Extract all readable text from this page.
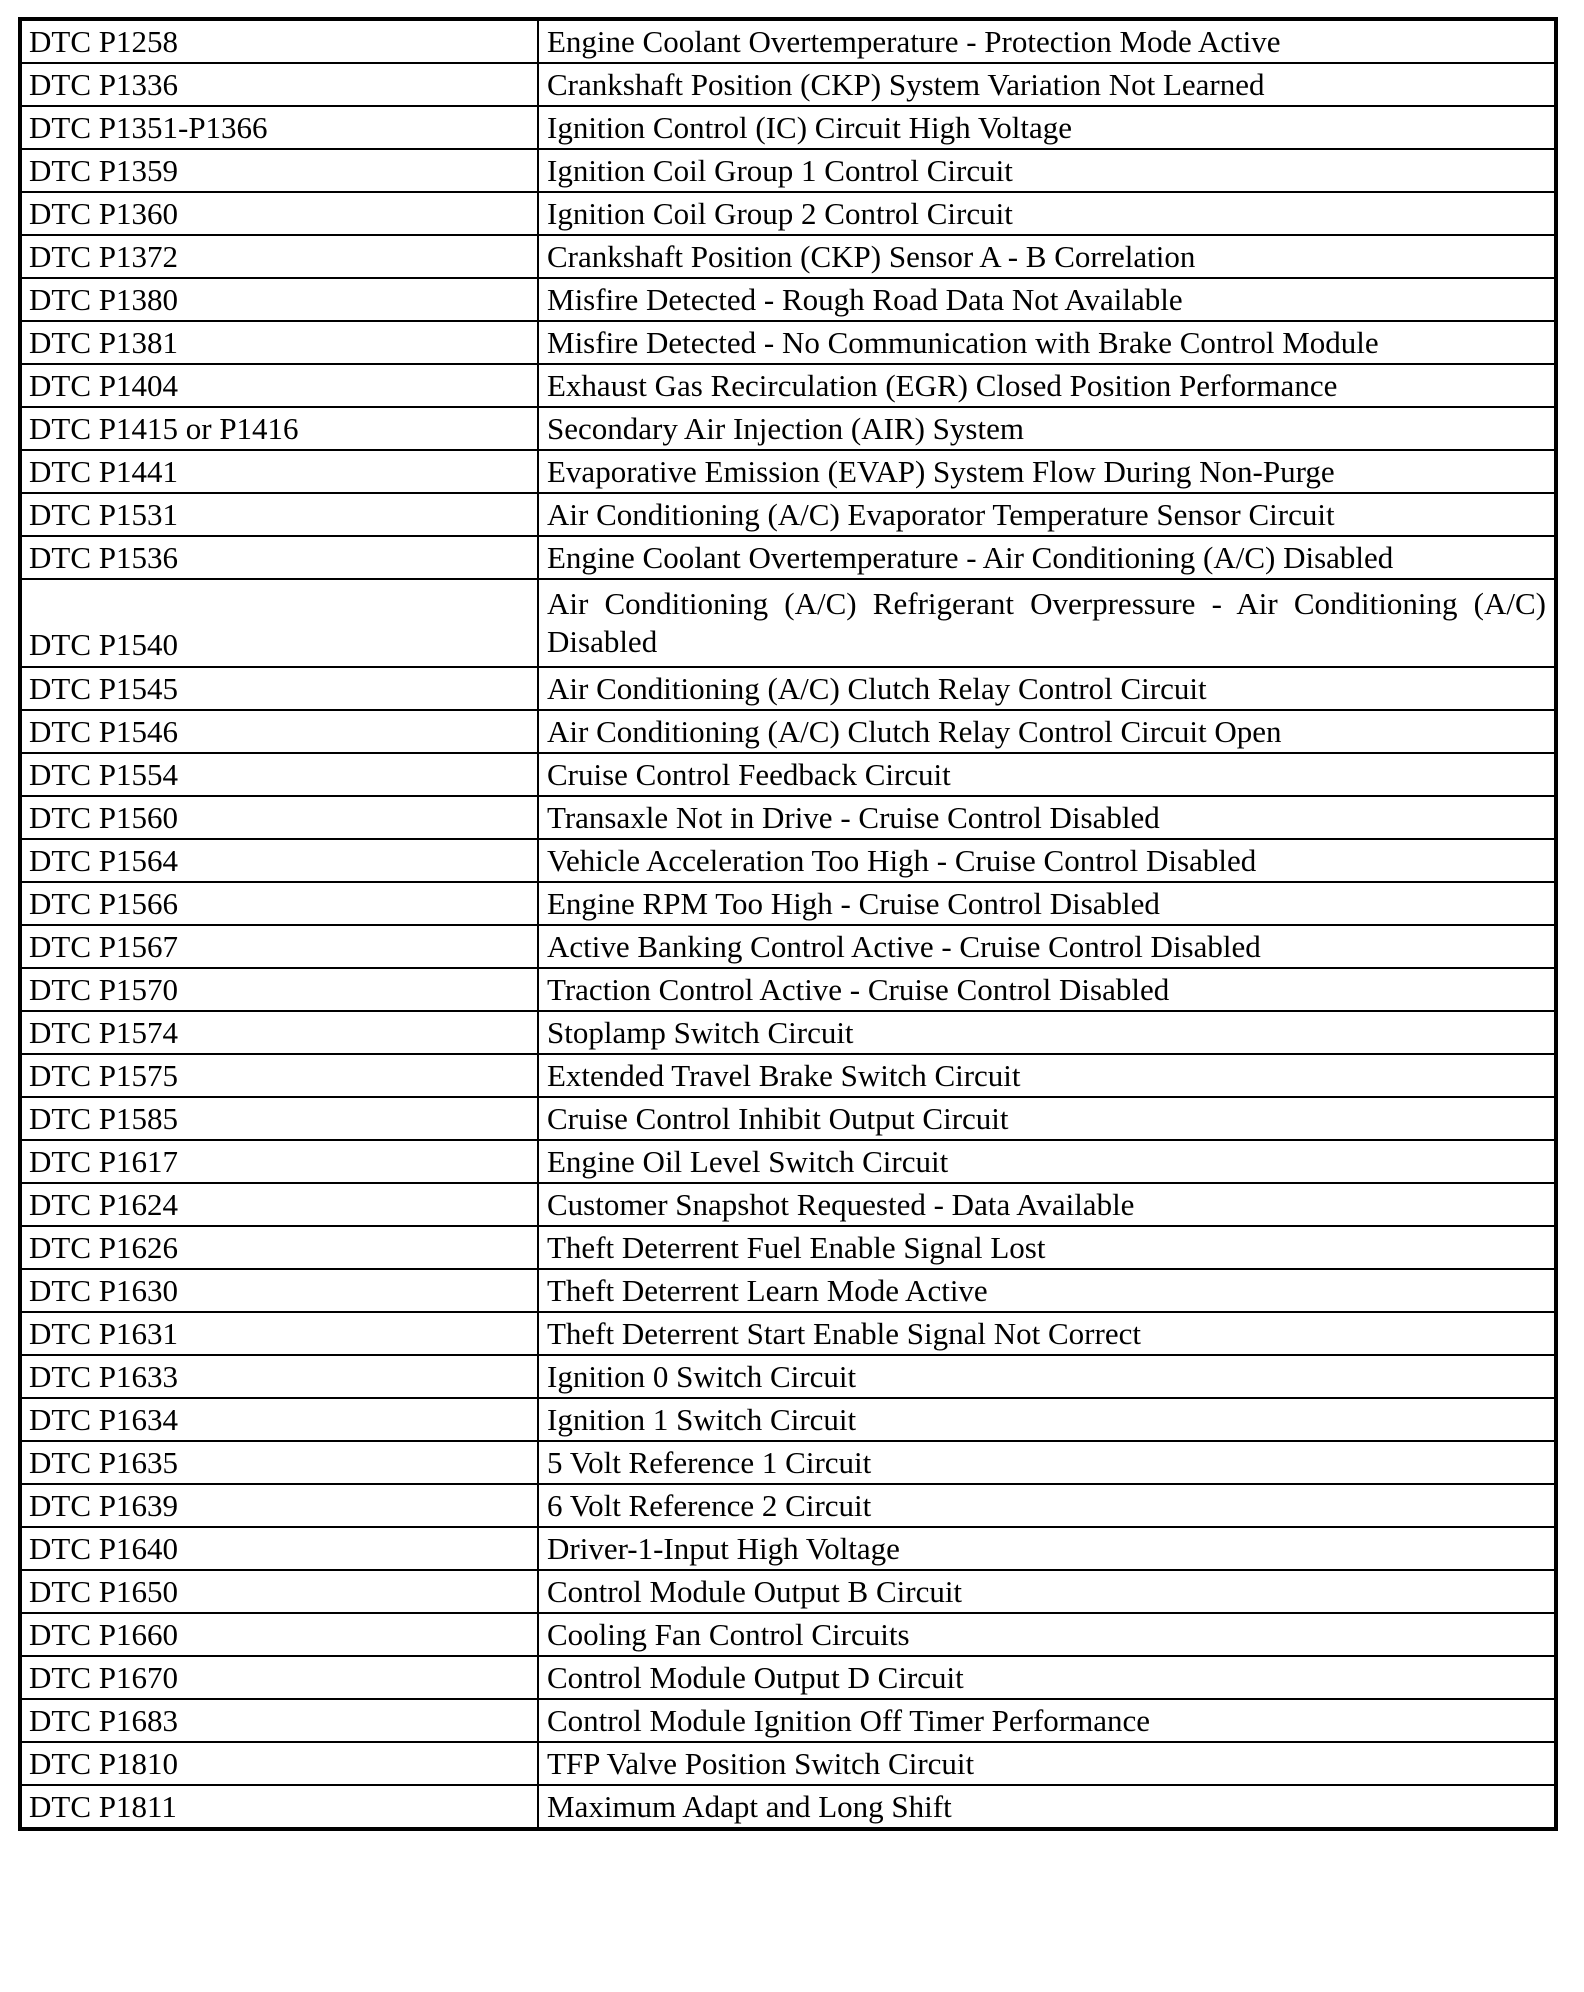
DTC P1258	Engine Coolant Overtemperature - Protection Mode Active
DTC P1336	Crankshaft Position (CKP) System Variation Not Learned
DTC P1351-P1366	Ignition Control (IC) Circuit High Voltage
DTC P1359	Ignition Coil Group 1 Control Circuit
DTC P1360	Ignition Coil Group 2 Control Circuit
DTC P1372	Crankshaft Position (CKP) Sensor A - B Correlation
DTC P1380	Misfire Detected - Rough Road Data Not Available
DTC P1381	Misfire Detected - No Communication with Brake Control Module
DTC P1404	Exhaust Gas Recirculation (EGR) Closed Position Performance
DTC P1415 or P1416	Secondary Air Injection (AIR) System
DTC P1441	Evaporative Emission (EVAP) System Flow During Non-Purge
DTC P1531	Air Conditioning (A/C) Evaporator Temperature Sensor Circuit
DTC P1536	Engine Coolant Overtemperature - Air Conditioning (A/C) Disabled
DTC P1540	Air Conditioning (A/C) Refrigerant Overpressure - Air Conditioning (A/C) Disabled
DTC P1545	Air Conditioning (A/C) Clutch Relay Control Circuit
DTC P1546	Air Conditioning (A/C) Clutch Relay Control Circuit Open
DTC P1554	Cruise Control Feedback Circuit
DTC P1560	Transaxle Not in Drive - Cruise Control Disabled
DTC P1564	Vehicle Acceleration Too High - Cruise Control Disabled
DTC P1566	Engine RPM Too High - Cruise Control Disabled
DTC P1567	Active Banking Control Active - Cruise Control Disabled
DTC P1570	Traction Control Active - Cruise Control Disabled
DTC P1574	Stoplamp Switch Circuit
DTC P1575	Extended Travel Brake Switch Circuit
DTC P1585	Cruise Control Inhibit Output Circuit
DTC P1617	Engine Oil Level Switch Circuit
DTC P1624	Customer Snapshot Requested - Data Available
DTC P1626	Theft Deterrent Fuel Enable Signal Lost
DTC P1630	Theft Deterrent Learn Mode Active
DTC P1631	Theft Deterrent Start Enable Signal Not Correct
DTC P1633	Ignition 0 Switch Circuit
DTC P1634	Ignition 1 Switch Circuit
DTC P1635	5 Volt Reference 1 Circuit
DTC P1639	6 Volt Reference 2 Circuit
DTC P1640	Driver-1-Input High Voltage
DTC P1650	Control Module Output B Circuit
DTC P1660	Cooling Fan Control Circuits
DTC P1670	Control Module Output D Circuit
DTC P1683	Control Module Ignition Off Timer Performance
DTC P1810	TFP Valve Position Switch Circuit
DTC P1811	Maximum Adapt and Long Shift
